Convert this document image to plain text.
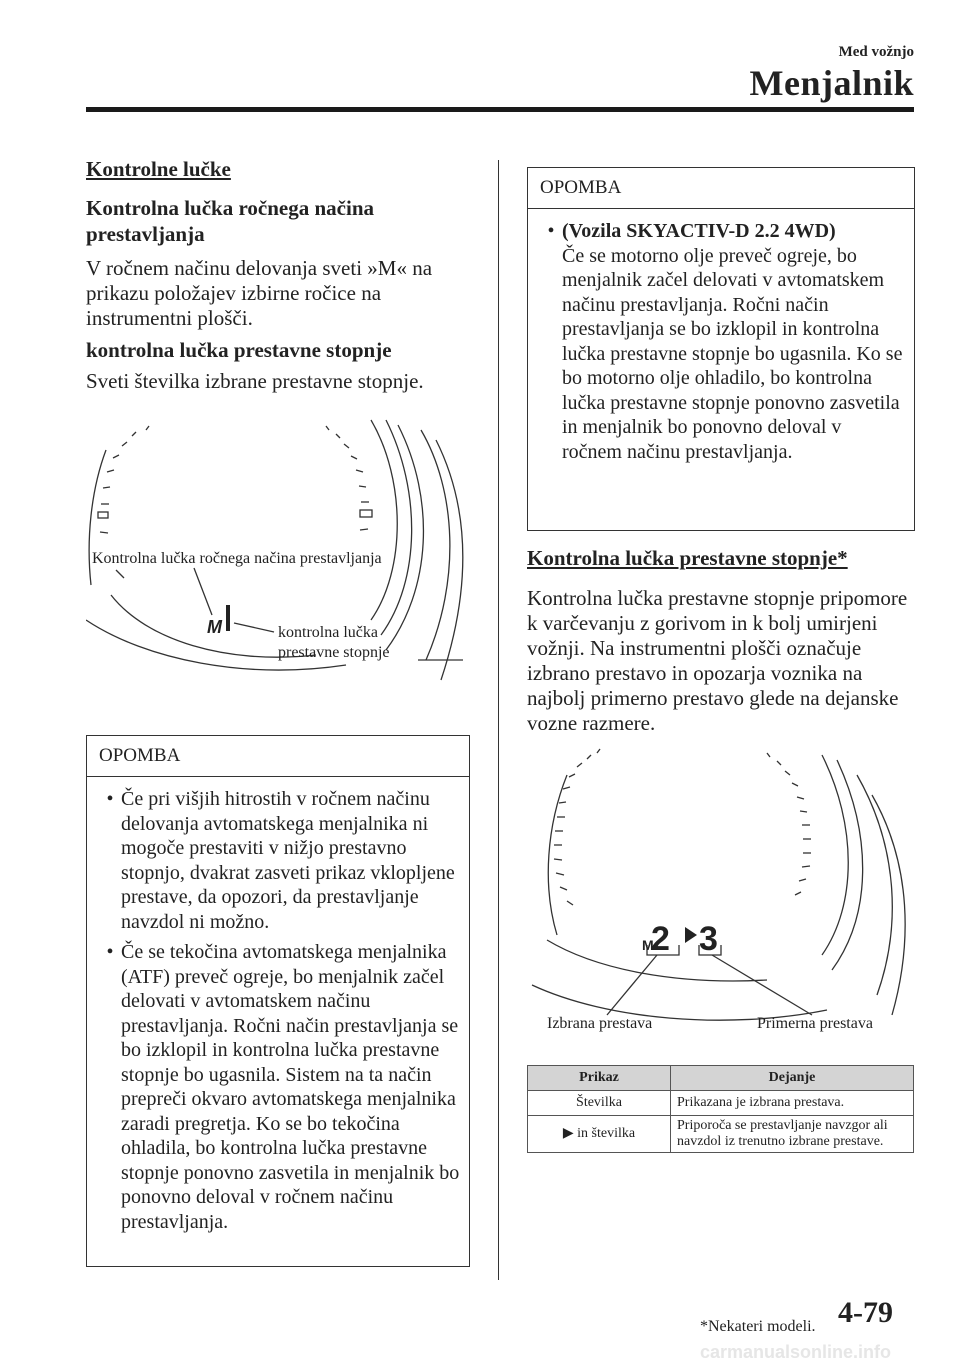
Med vožnjo
Menjalnik
Kontrolne lučke
Kontrolna lučka ročnega načina prestavljanja
V ročnem načinu delovanja sveti »M« na prikazu položajev izbirne ročice na instrumentni plošči.
kontrolna lučka prestavne stopnje
Sveti številka izbrane prestavne stopnje.
M
Kontrolna lučka ročnega načina prestavljanja
kontrolna lučka
prestavne stopnje
OPOMBA
• Če pri višjih hitrostih v ročnem načinu delovanja avtomatskega menjalnika ni mogoče prestaviti v nižjo prestavno stopnjo, dvakrat zasveti prikaz vklopljene prestave, da opozori, da prestavljanje navzdol ni možno.
• Če se tekočina avtomatskega menjalnika (ATF) preveč ogreje, bo menjalnik začel delovati v avtomatskem načinu prestavljanja. Ročni način prestavljanja se bo izklopil in kontrolna lučka prestavne stopnje bo ugasnila. Sistem na ta način prepreči okvaro avtomatskega menjalnika zaradi pregretja. Ko se bo tekočina ohladila, bo kontrolna lučka prestavne stopnje ponovno zasvetila in menjalnik bo ponovno deloval v ročnem načinu prestavljanja.
OPOMBA
• (Vozila SKYACTIV-D 2.2 4WD)
Če se motorno olje preveč ogreje, bo menjalnik začel delovati v avtomatskem načinu prestavljanja. Ročni način prestavljanja se bo izklopil in kontrolna lučka prestavne stopnje bo ugasnila. Ko se bo motorno olje ohladilo, bo kontrolna lučka prestavne stopnje ponovno zasvetila in menjalnik bo ponovno deloval v ročnem načinu prestavljanja.
Kontrolna lučka prestavne stopnje*
Kontrolna lučka prestavne stopnje pripomore k varčevanju z gorivom in k bolj umirjeni vožnji. Na instrumentni plošči označuje izbrano prestavo in opozarja voznika na najbolj primerno prestavo glede na dejanske vozne razmere.
M
2 3
Izbrana prestava	Primerna prestava
Prikaz	Dejanje
Številka	Prikazana je izbrana prestava.
▶ in številka	Priporoča se prestavljanje navzgor ali navzdol iz trenutno izbrane prestave.
*Nekateri modeli. 4-79
carmanualsonline.info
